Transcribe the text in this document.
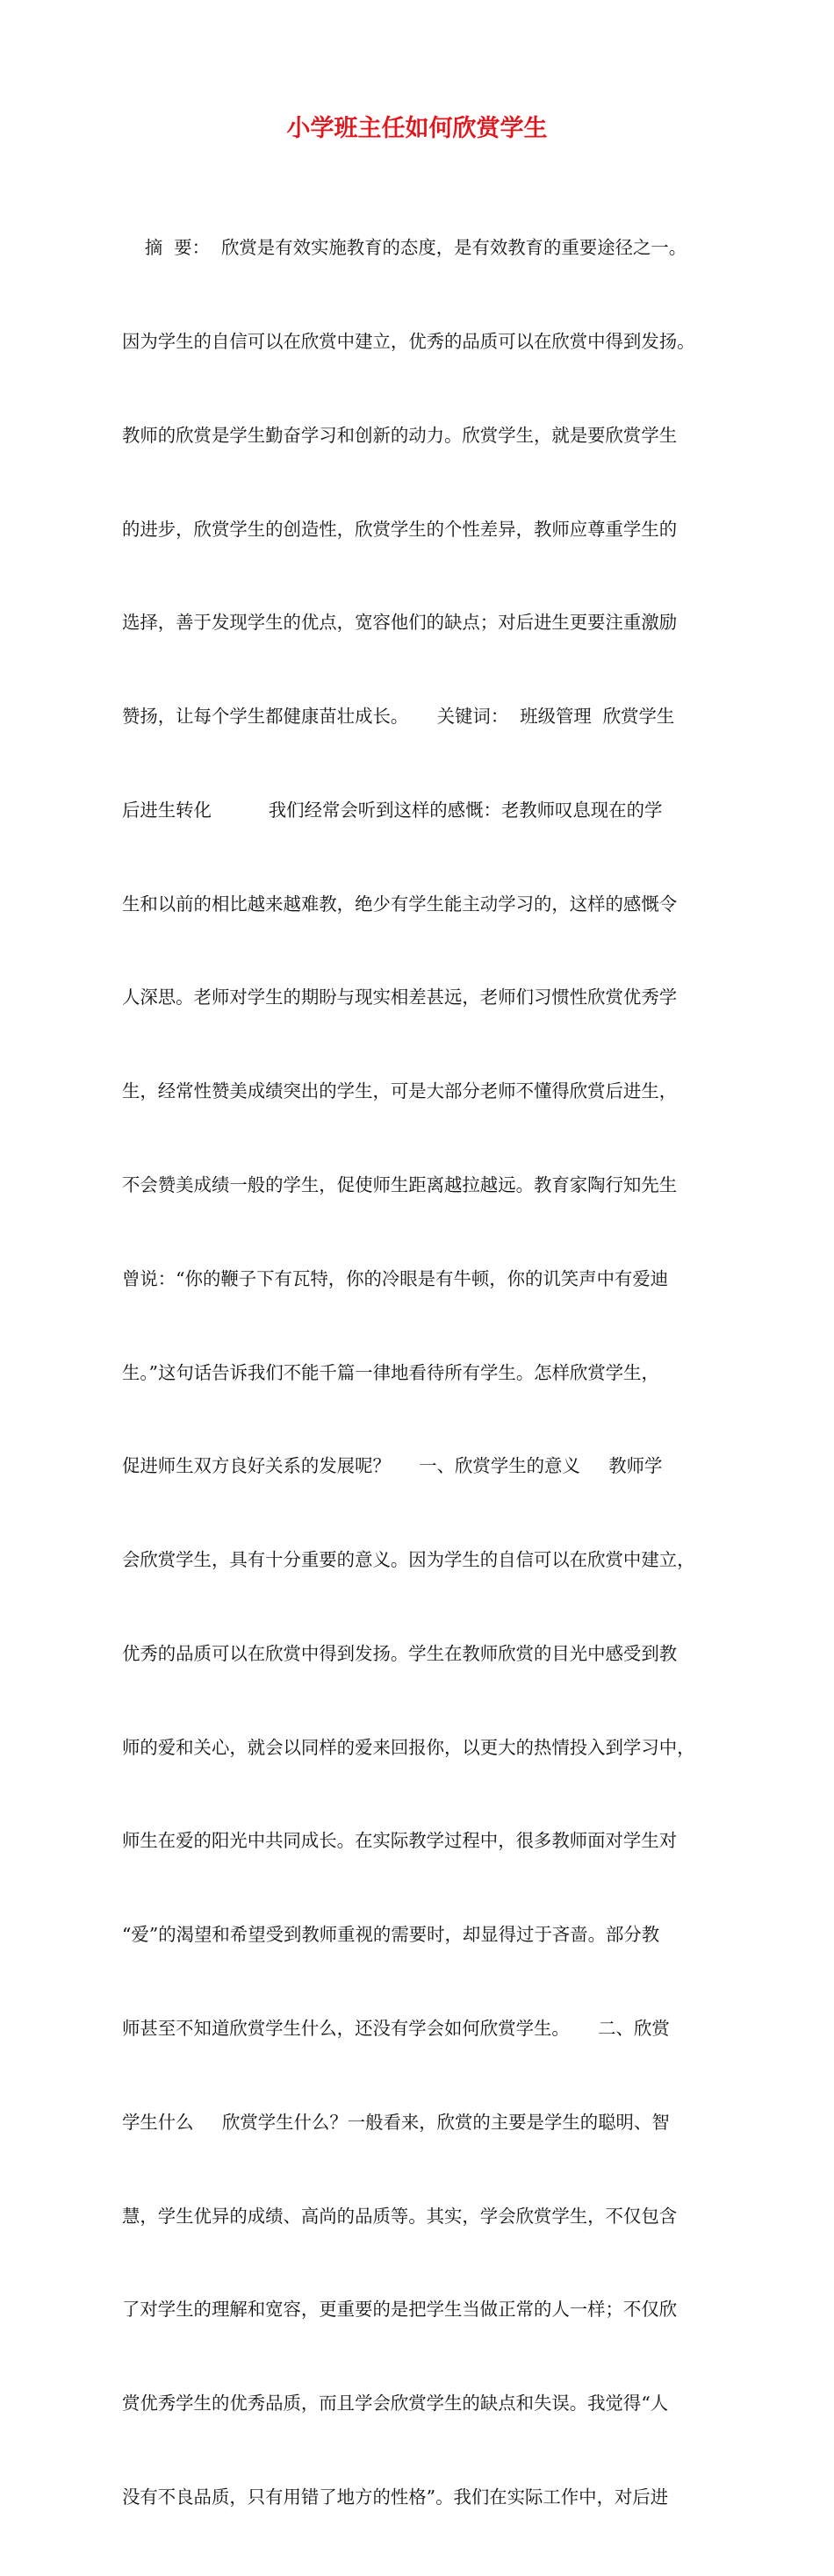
小学班主任如何欣赏学生

摘  要：  欣赏是有效实施教育的态度，是有效教育的重要途径之一。

因为学生的自信可以在欣赏中建立，优秀的品质可以在欣赏中得到发扬。

教师的欣赏是学生勤奋学习和创新的动力。欣赏学生，就是要欣赏学生

的进步，欣赏学生的创造性，欣赏学生的个性差异，教师应尊重学生的

选择，善于发现学生的优点，宽容他们的缺点；对后进生更要注重激励

赞扬，让每个学生都健康苗壮成长。     关键词：  班级管理  欣赏学生

后进生转化          我们经常会听到这样的感慨：老教师叹息现在的学

生和以前的相比越来越难教，绝少有学生能主动学习的，这样的感慨令

人深思。老师对学生的期盼与现实相差甚远，老师们习惯性欣赏优秀学

生，经常性赞美成绩突出的学生，可是大部分老师不懂得欣赏后进生，

不会赞美成绩一般的学生，促使师生距离越拉越远。教育家陶行知先生

曾说：“你的鞭子下有瓦特，你的冷眼是有牛顿，你的讥笑声中有爱迪

生。”这句话告诉我们不能千篇一律地看待所有学生。怎样欣赏学生，

促进师生双方良好关系的发展呢？     一、欣赏学生的意义     教师学

会欣赏学生，具有十分重要的意义。因为学生的自信可以在欣赏中建立，

优秀的品质可以在欣赏中得到发扬。学生在教师欣赏的目光中感受到教

师的爱和关心，就会以同样的爱来回报你，以更大的热情投入到学习中，

师生在爱的阳光中共同成长。在实际教学过程中，很多教师面对学生对

“爱”的渴望和希望受到教师重视的需要时，却显得过于吝啬。部分教

师甚至不知道欣赏学生什么，还没有学会如何欣赏学生。     二、欣赏

学生什么     欣赏学生什么？一般看来，欣赏的主要是学生的聪明、智

慧，学生优异的成绩、高尚的品质等。其实，学会欣赏学生，不仅包含

了对学生的理解和宽容，更重要的是把学生当做正常的人一样；不仅欣

赏优秀学生的优秀品质，而且学会欣赏学生的缺点和失误。我觉得“人

没有不良品质，只有用错了地方的性格”。我们在实际工作中，对后进
